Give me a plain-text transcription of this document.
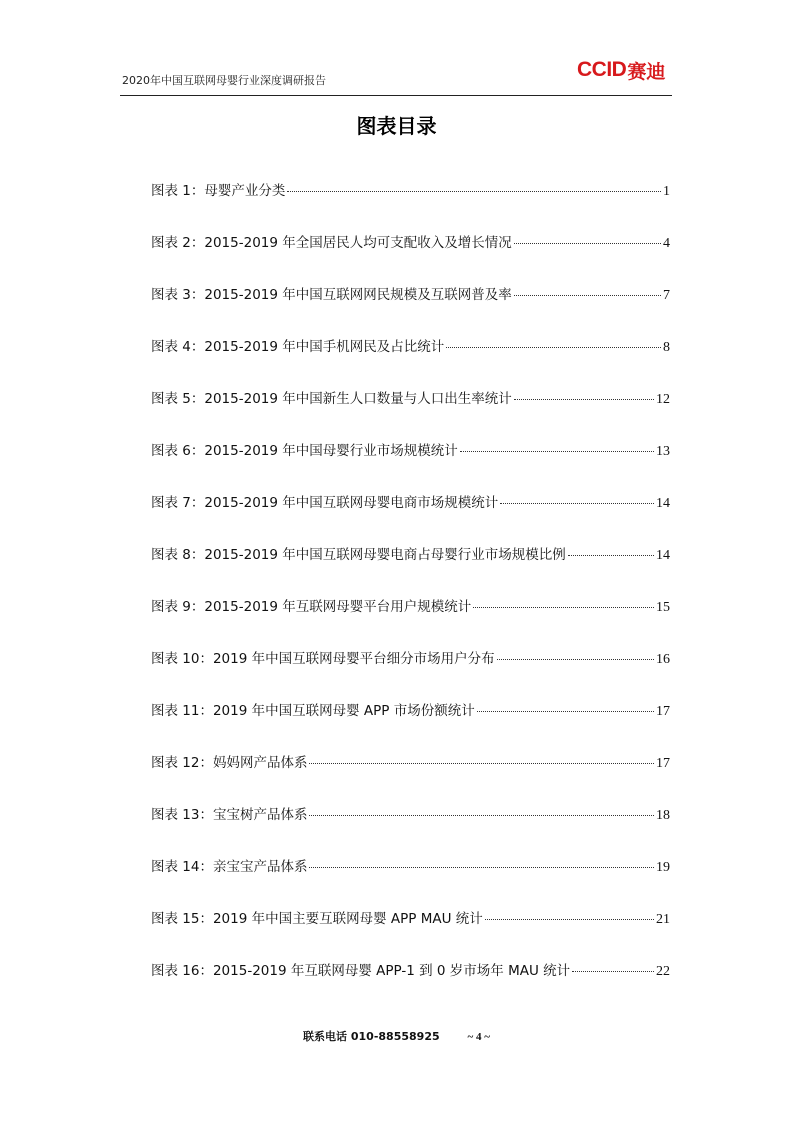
2020年中国互联网母婴行业深度调研报告	CCID 赛迪
图表目录
图表 1：母婴产业分类	1
图表 2：2015-2019 年全国居民人均可支配收入及增长情况	4
图表 3：2015-2019 年中国互联网网民规模及互联网普及率	7
图表 4：2015-2019 年中国手机网民及占比统计	8
图表 5：2015-2019 年中国新生人口数量与人口出生率统计	12
图表 6：2015-2019 年中国母婴行业市场规模统计	13
图表 7：2015-2019 年中国互联网母婴电商市场规模统计	14
图表 8：2015-2019 年中国互联网母婴电商占母婴行业市场规模比例	14
图表 9：2015-2019 年互联网母婴平台用户规模统计	15
图表 10：2019 年中国互联网母婴平台细分市场用户分布	16
图表 11：2019 年中国互联网母婴 APP 市场份额统计	17
图表 12：妈妈网产品体系	17
图表 13：宝宝树产品体系	18
图表 14：亲宝宝产品体系	19
图表 15：2019 年中国主要互联网母婴 APP MAU 统计	21
图表 16：2015-2019 年互联网母婴 APP-1 到 0 岁市场年 MAU 统计	22
联系电话 010-88558925	~ 4 ~
